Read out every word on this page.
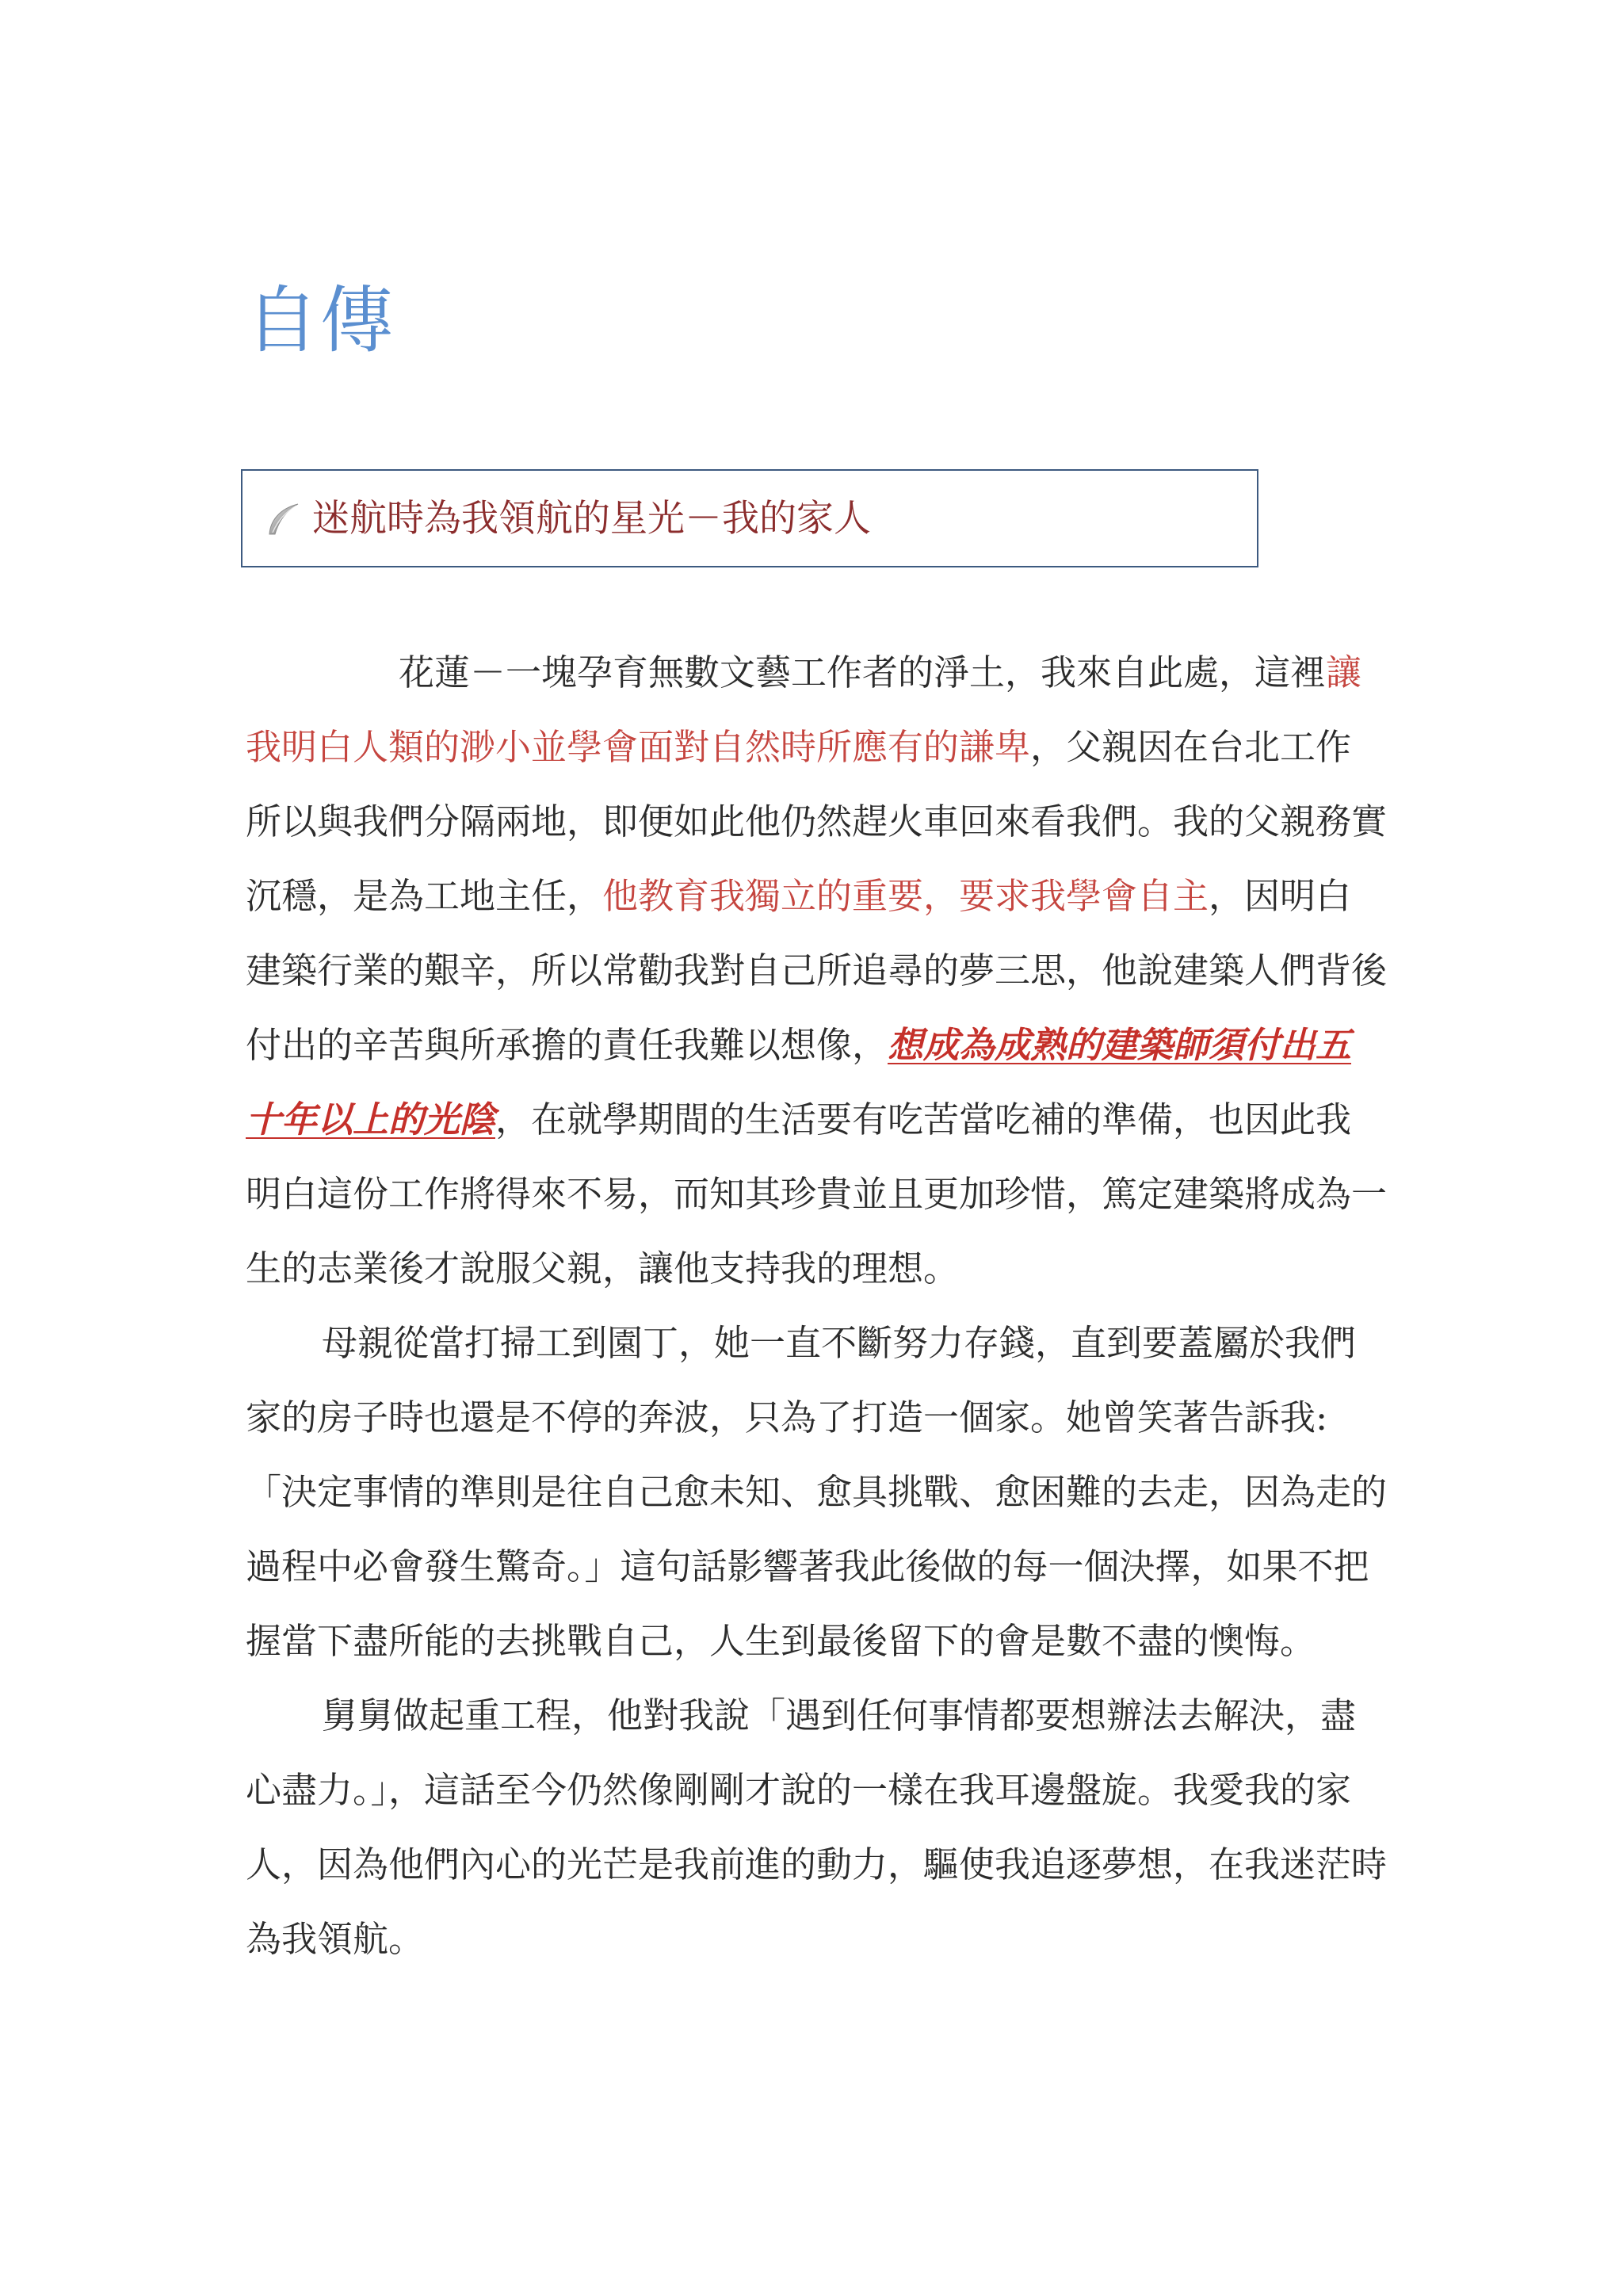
自傳
迷航時為我領航的星光－我的家人

花蓮－一塊孕育無數文藝工作者的淨土，我來自此處，這裡讓我明白人類的渺小並學會面對自然時所應有的謙卑，父親因在台北工作所以與我們分隔兩地，即便如此他仍然趕火車回來看我們。我的父親務實沉穩，是為工地主任，他教育我獨立的重要，要求我學會自主，因明白建築行業的艱辛，所以常勸我對自己所追尋的夢三思，他說建築人們背後付出的辛苦與所承擔的責任我難以想像，想成為成熟的建築師須付出五十年以上的光陰，在就學期間的生活要有吃苦當吃補的準備，也因此我明白這份工作將得來不易，而知其珍貴並且更加珍惜，篤定建築將成為一生的志業後才說服父親，讓他支持我的理想。

母親從當打掃工到園丁，她一直不斷努力存錢，直到要蓋屬於我們家的房子時也還是不停的奔波，只為了打造一個家。她曾笑著告訴我:「決定事情的準則是往自己愈未知、愈具挑戰、愈困難的去走，因為走的過程中必會發生驚奇。」這句話影響著我此後做的每一個決擇，如果不把握當下盡所能的去挑戰自己，人生到最後留下的會是數不盡的懊悔。

舅舅做起重工程，他對我說「遇到任何事情都要想辦法去解決，盡心盡力。」，這話至今仍然像剛剛才說的一樣在我耳邊盤旋。我愛我的家人，因為他們內心的光芒是我前進的動力，驅使我追逐夢想，在我迷茫時為我領航。
